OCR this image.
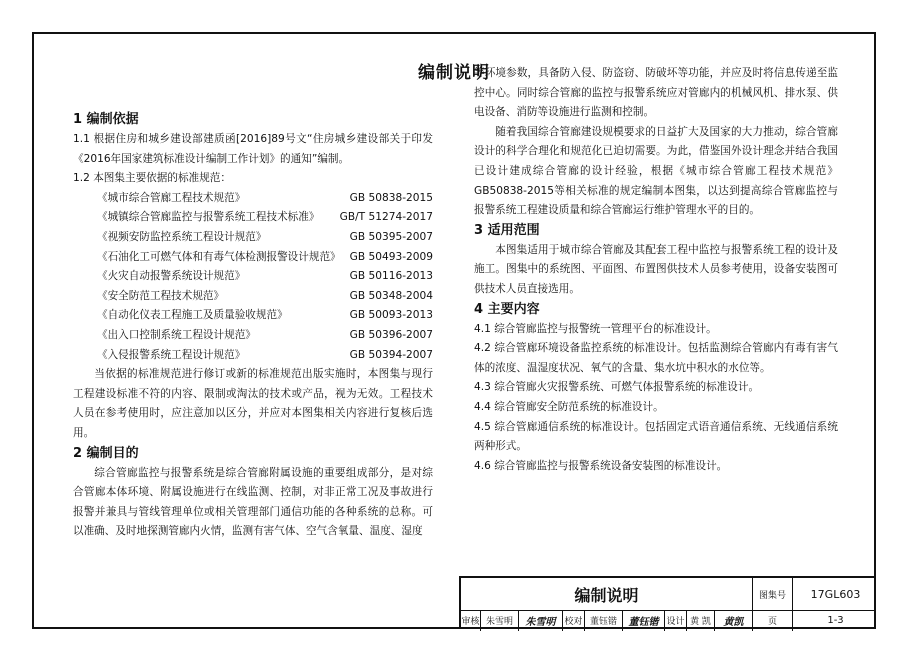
编制说明
1 编制依据
1.1 根据住房和城乡建设部建质函[2016]89号文“住房城乡建设部关于印发《2016年国家建筑标准设计编制工作计划》的通知”编制。
1.2 本图集主要依据的标准规范：
《城市综合管廊工程技术规范》	GB 50838-2015
《城镇综合管廊监控与报警系统工程技术标准》 GB/T 51274-2017
《视频安防监控系统工程设计规范》	GB 50395-2007
《石油化工可燃气体和有毒气体检测报警设计规范》 GB 50493-2009
《火灾自动报警系统设计规范》	GB 50116-2013
《安全防范工程技术规范》	GB 50348-2004
《自动化仪表工程施工及质量验收规范》	GB 50093-2013
《出入口控制系统工程设计规范》	GB 50396-2007
《入侵报警系统工程设计规范》	GB 50394-2007
当依据的标准规范进行修订或新的标准规范出版实施时，本图集与现行工程建设标准不符的内容、限制或淘汰的技术或产品，视为无效。工程技术人员在参考使用时，应注意加以区分，并应对本图集相关内容进行复核后选用。
2 编制目的
综合管廊监控与报警系统是综合管廊附属设施的重要组成部分，是对综合管廊本体环境、附属设施进行在线监测、控制，对非正常工况及事故进行报警并兼具与管线管理单位或相关管理部门通信功能的各种系统的总称。可以准确、及时地探测管廊内火情，监测有害气体、空气含氧量、温度、湿度
等环境参数，具备防入侵、防盗窃、防破坏等功能，并应及时将信息传递至监控中心。同时综合管廊的监控与报警系统应对管廊内的机械风机、排水泵、供电设备、消防等设施进行监测和控制。
随着我国综合管廊建设规模要求的日益扩大及国家的大力推动，综合管廊设计的科学合理化和规范化已迫切需要。为此，借鉴国外设计理念并结合我国已设计建成综合管廊的设计经验，根据《城市综合管廊工程技术规范》GB50838-2015等相关标准的规定编制本图集，以达到提高综合管廊监控与报警系统工程建设质量和综合管廊运行维护管理水平的目的。
3 适用范围
本图集适用于城市综合管廊及其配套工程中监控与报警系统工程的设计及施工。图集中的系统图、平面图、布置图供技术人员参考使用，设备安装图可供技术人员直接选用。
4 主要内容
4.1 综合管廊监控与报警统一管理平台的标准设计。
4.2 综合管廊环境设备监控系统的标准设计。包括监测综合管廊内有毒有害气体的浓度、温湿度状况、氧气的含量、集水坑中积水的水位等。
4.3 综合管廊火灾报警系统、可燃气体报警系统的标准设计。
4.4 综合管廊安全防范系统的标准设计。
4.5 综合管廊通信系统的标准设计。包括固定式语音通信系统、无线通信系统两种形式。
4.6 综合管廊监控与报警系统设备安装图的标准设计。
编制说明	图集号	17GL603
审核 朱雪明	朱雪明 校对 董钰锴	董钰锴 设计 黄 凯	黄凯	页	1-3
